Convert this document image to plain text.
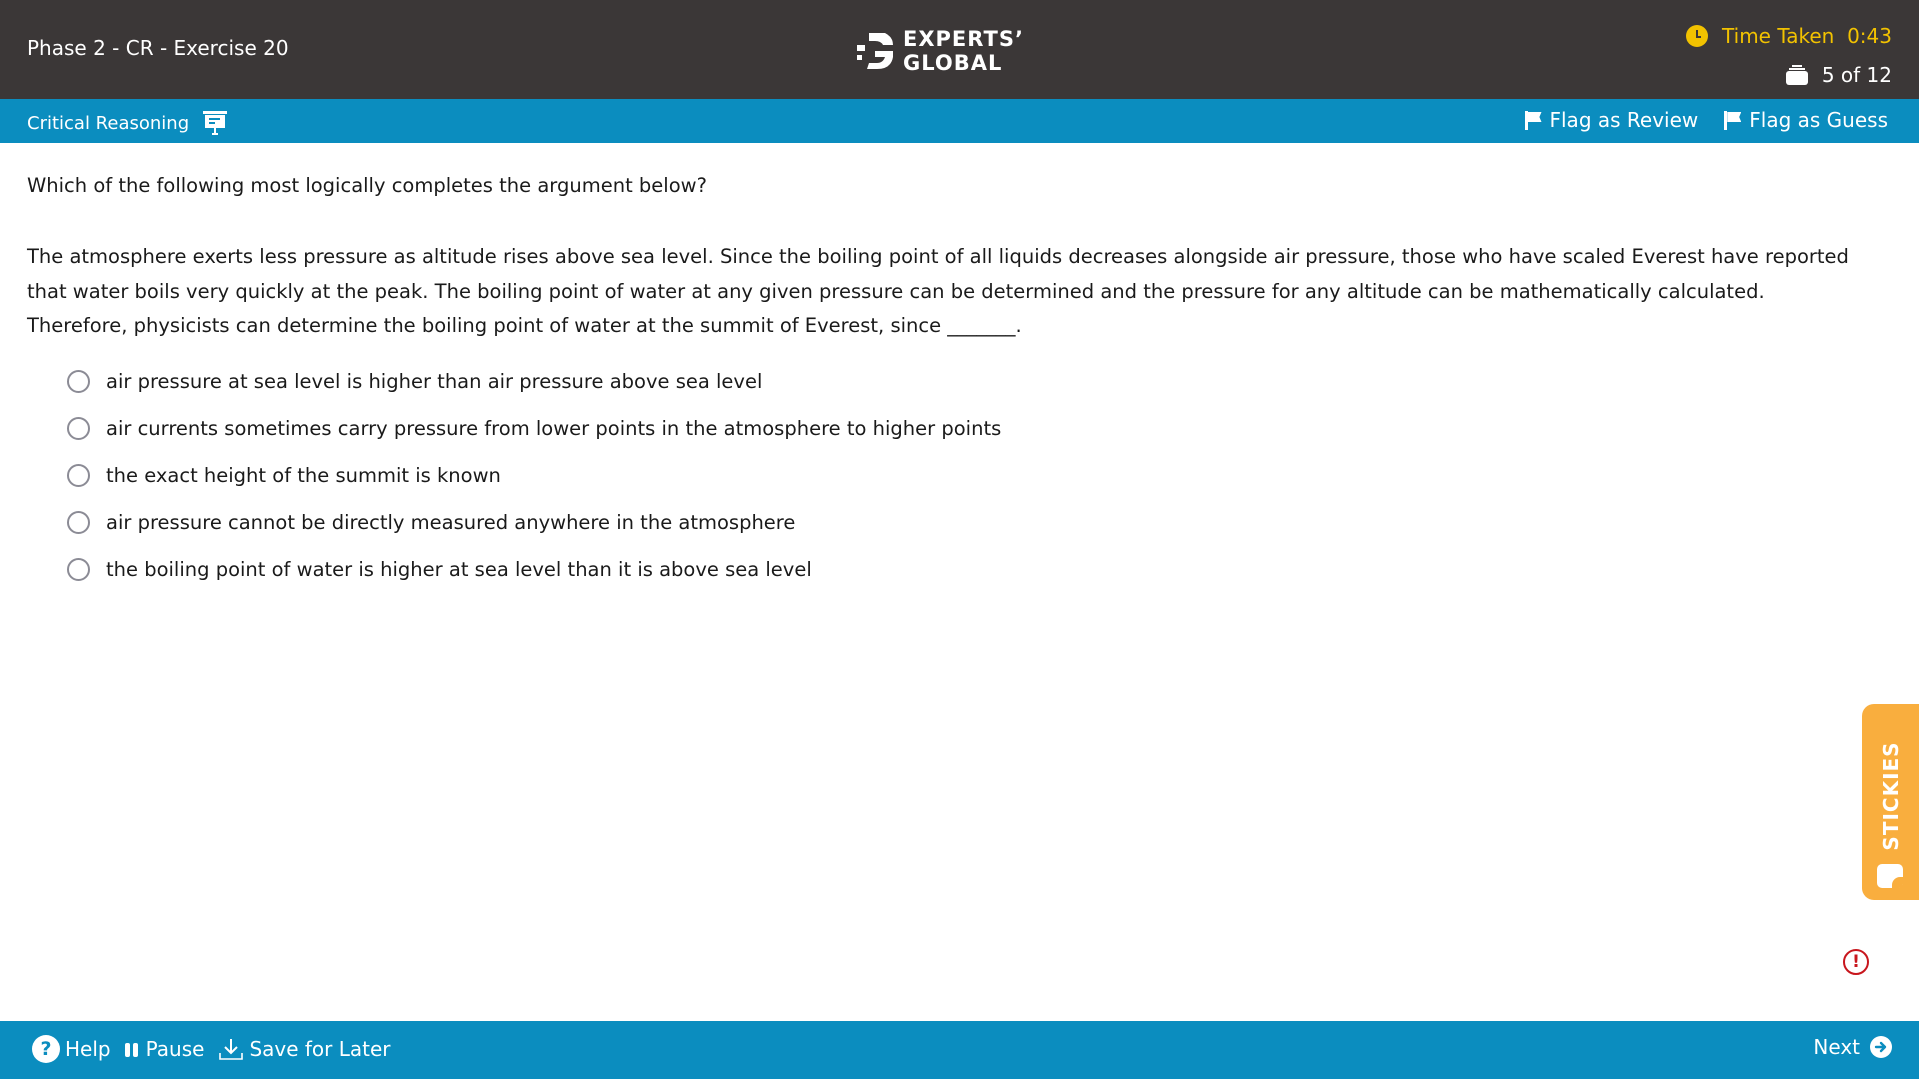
Phase 2 - CR - Exercise 20	EXPERTS’
GLOBAL
Time Taken 0:43
5 of 12
Critical Reasoning	Flag as Review	Flag as Guess
Which of the following most logically completes the argument below?
The atmosphere exerts less pressure as altitude rises above sea level. Since the boiling point of all liquids decreases alongside air pressure, those who have scaled Everest have reported that water boils very quickly at the peak. The boiling point of water at any given pressure can be determined and the pressure for any altitude can be mathematically calculated. Therefore, physicists can determine the boiling point of water at the summit of Everest, since _______.
air pressure at sea level is higher than air pressure above sea level
air currents sometimes carry pressure from lower points in the atmosphere to higher points
the exact height of the summit is known
air pressure cannot be directly measured anywhere in the atmosphere
the boiling point of water is higher at sea level than it is above sea level
STICKIES
!
? Help Pause Save for Later	Next
